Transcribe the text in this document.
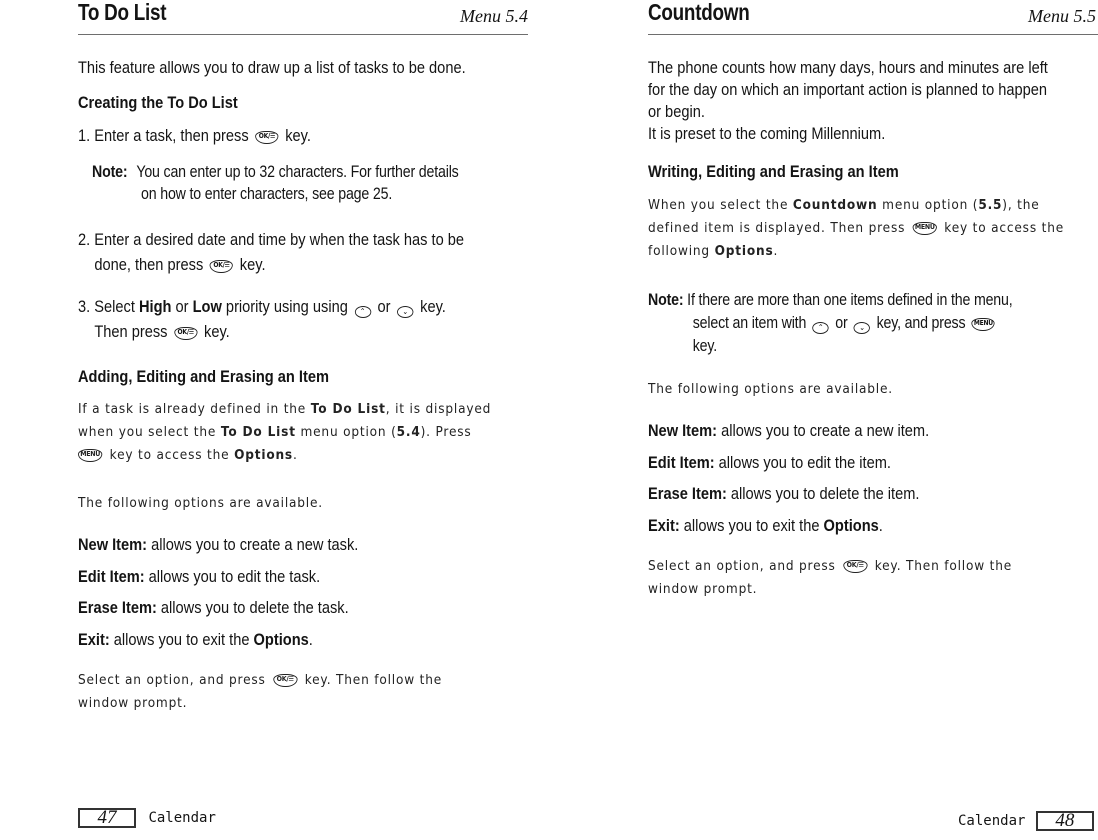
To Do List	Menu 5.4
This feature allows you to draw up a list of tasks to be done.
Creating the To Do List
1. Enter a task, then press	OK/☰ key.
Note: You can enter up to 32 characters. For further details
on how to enter characters, see page 25.
2. Enter a desired date and time by when the task has to be
done, then press	OK/☰ key.
3. Select High or Low priority using using ⌃ or ⌄ key.
Then press	OK/☰ key.
Adding, Editing and Erasing an Item
If a task is already defined in the To Do List, it is displayed
when you select the To Do List menu option (5.4). Press
MENU key to access the Options.
The following options are available.
New Item: allows you to create a new task.
Edit Item: allows you to edit the task.
Erase Item: allows you to delete the task.
Exit: allows you to exit the Options.
Select an option, and press	OK/☰ key. Then follow the
window prompt.
47 Calendar
Countdown	Menu 5.5
The phone counts how many days, hours and minutes are left
for the day on which an important action is planned to happen
or begin.
It is preset to the coming Millennium.
Writing, Editing and Erasing an Item
When you select the Countdown menu option (5.5), the
defined item is displayed. Then press MENU key to access the
following Options.
Note: If there are more than one items defined in the menu,
select an item with ⌃ or ⌄ key, and press MENU
key.
The following options are available.
New Item: allows you to create a new item.
Edit Item: allows you to edit the item.
Erase Item: allows you to delete the item.
Exit: allows you to exit the Options.
Select an option, and press	OK/☰ key. Then follow the
window prompt.
Calendar 48
